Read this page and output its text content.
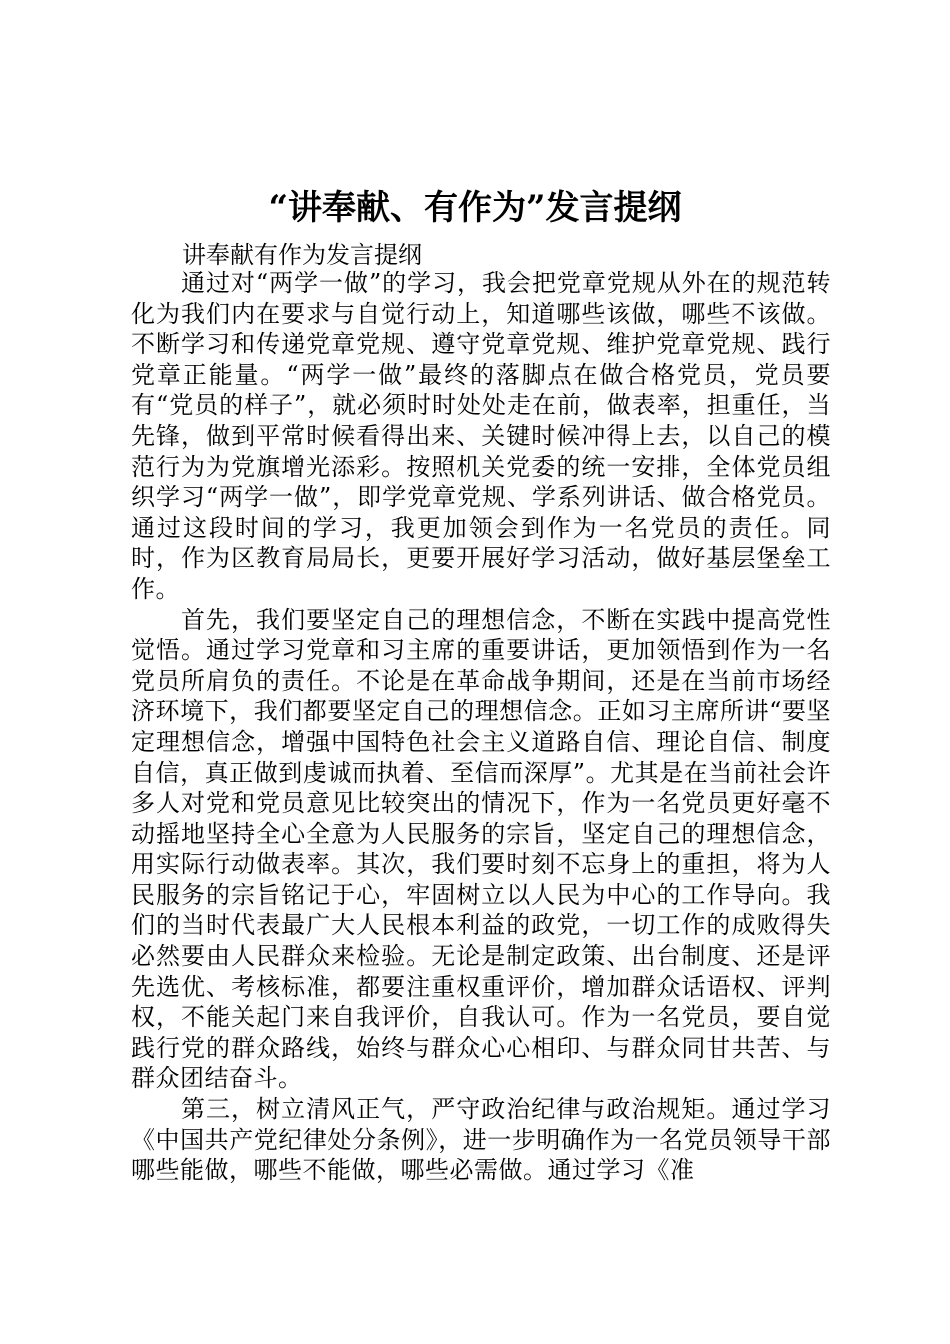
“讲奉献、有作为”发言提纲

讲奉献有作为发言提纲

通过对“两学一做”的学习，我会把党章党规从外在的规范转化为我们内在要求与自觉行动上，知道哪些该做，哪些不该做。不断学习和传递党章党规、遵守党章党规、维护党章党规、践行党章正能量。“两学一做”最终的落脚点在做合格党员，党员要有“党员的样子”，就必须时时处处走在前，做表率，担重任，当先锋，做到平常时候看得出来、关键时候冲得上去，以自己的模范行为为党旗增光添彩。按照机关党委的统一安排，全体党员组织学习“两学一做”，即学党章党规、学系列讲话、做合格党员。通过这段时间的学习，我更加领会到作为一名党员的责任。同时，作为区教育局局长，更要开展好学习活动，做好基层堡垒工作。

首先，我们要坚定自己的理想信念，不断在实践中提高党性觉悟。通过学习党章和习主席的重要讲话，更加领悟到作为一名党员所肩负的责任。不论是在革命战争期间，还是在当前市场经济环境下，我们都要坚定自己的理想信念。正如习主席所讲“要坚定理想信念，增强中国特色社会主义道路自信、理论自信、制度自信，真正做到虔诚而执着、至信而深厚”。尤其是在当前社会许多人对党和党员意见比较突出的情况下，作为一名党员更好毫不动摇地坚持全心全意为人民服务的宗旨，坚定自己的理想信念，用实际行动做表率。其次，我们要时刻不忘身上的重担，将为人民服务的宗旨铭记于心，牢固树立以人民为中心的工作导向。我们的当时代表最广大人民根本利益的政党，一切工作的成败得失必然要由人民群众来检验。无论是制定政策、出台制度、还是评先选优、考核标准，都要注重权重评价，增加群众话语权、评判权，不能关起门来自我评价，自我认可。作为一名党员，要自觉践行党的群众路线，始终与群众心心相印、与群众同甘共苦、与群众团结奋斗。

第三，树立清风正气，严守政治纪律与政治规矩。通过学习《中国共产党纪律处分条例》，进一步明确作为一名党员领导干部哪些能做，哪些不能做，哪些必需做。通过学习《准
